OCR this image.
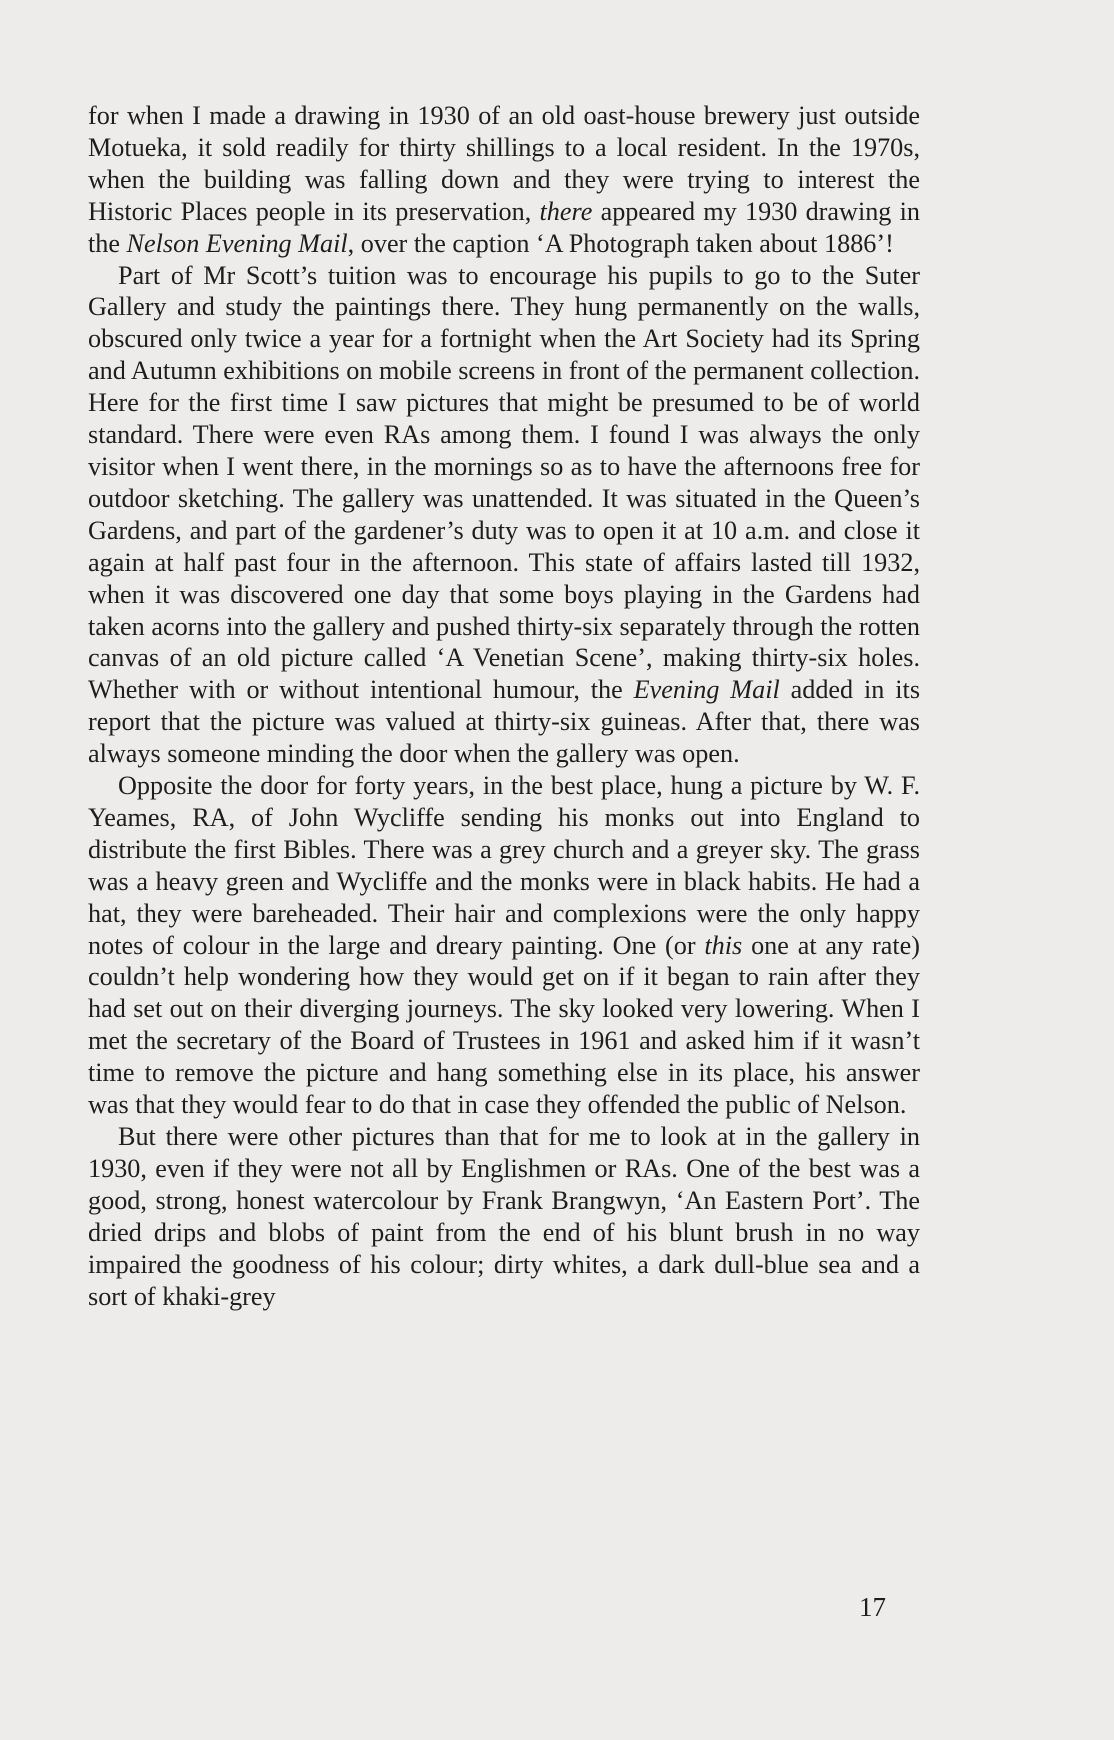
for when I made a drawing in 1930 of an old oast-house brewery just outside Motueka, it sold readily for thirty shillings to a local resident. In the 1970s, when the building was falling down and they were trying to interest the Historic Places people in its preservation, there appeared my 1930 drawing in the Nelson Evening Mail, over the caption ‘A Photograph taken about 1886’!

Part of Mr Scott’s tuition was to encourage his pupils to go to the Suter Gallery and study the paintings there. They hung permanently on the walls, obscured only twice a year for a fortnight when the Art Society had its Spring and Autumn exhibitions on mobile screens in front of the permanent collection. Here for the first time I saw pictures that might be presumed to be of world standard. There were even RAs among them. I found I was always the only visitor when I went there, in the mornings so as to have the afternoons free for outdoor sketching. The gallery was unattended. It was situated in the Queen’s Gardens, and part of the gardener’s duty was to open it at 10 a.m. and close it again at half past four in the afternoon. This state of affairs lasted till 1932, when it was discovered one day that some boys playing in the Gardens had taken acorns into the gallery and pushed thirty-six separately through the rotten canvas of an old picture called ‘A Venetian Scene’, making thirty-six holes. Whether with or without intentional humour, the Evening Mail added in its report that the picture was valued at thirty-six guineas. After that, there was always someone minding the door when the gallery was open.

Opposite the door for forty years, in the best place, hung a picture by W. F. Yeames, RA, of John Wycliffe sending his monks out into England to distribute the first Bibles. There was a grey church and a greyer sky. The grass was a heavy green and Wycliffe and the monks were in black habits. He had a hat, they were bareheaded. Their hair and complexions were the only happy notes of colour in the large and dreary painting. One (or this one at any rate) couldn’t help wondering how they would get on if it began to rain after they had set out on their diverging journeys. The sky looked very lowering. When I met the secretary of the Board of Trustees in 1961 and asked him if it wasn’t time to remove the picture and hang something else in its place, his answer was that they would fear to do that in case they offended the public of Nelson.

But there were other pictures than that for me to look at in the gallery in 1930, even if they were not all by Englishmen or RAs. One of the best was a good, strong, honest watercolour by Frank Brangwyn, ‘An Eastern Port’. The dried drips and blobs of paint from the end of his blunt brush in no way impaired the goodness of his colour; dirty whites, a dark dull-blue sea and a sort of khaki-grey

17
